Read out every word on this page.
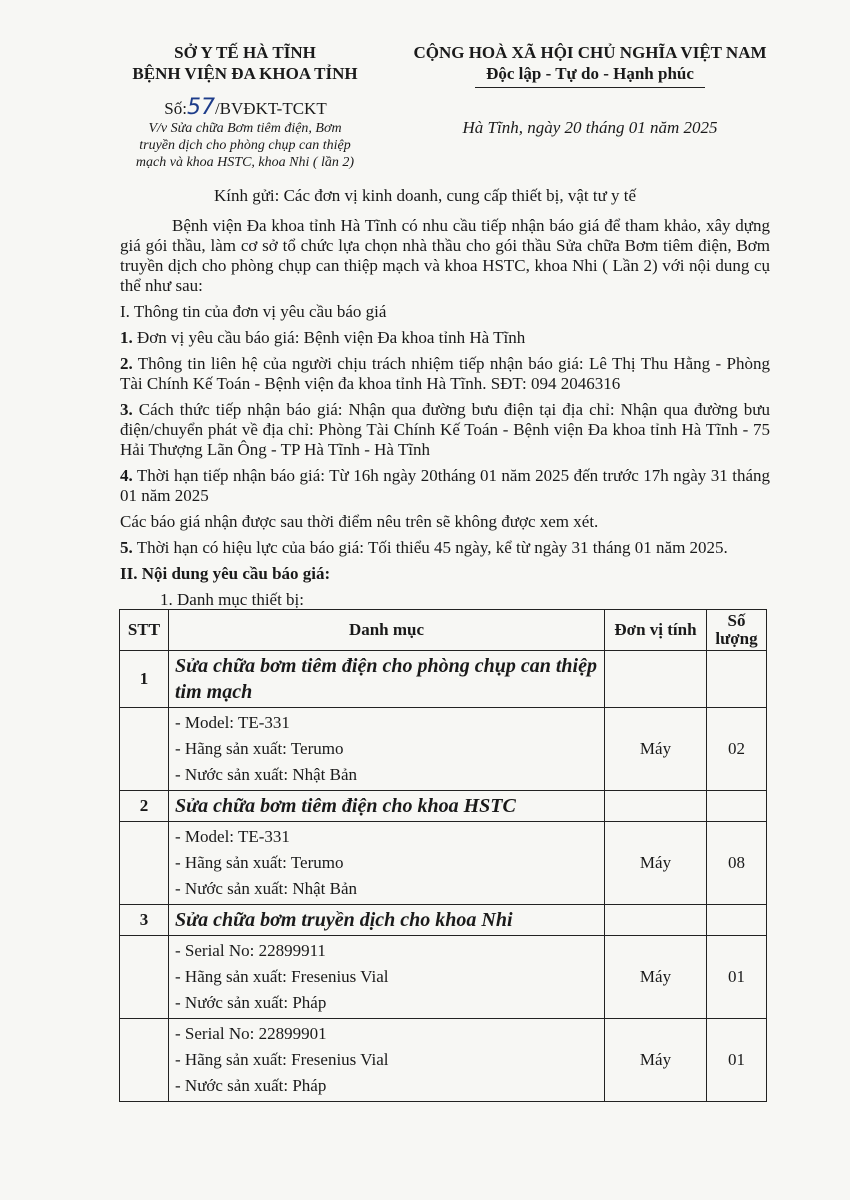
SỞ Y TẾ HÀ TĨNH
BỆNH VIỆN ĐA KHOA TỈNH
CỘNG HOÀ XÃ HỘI CHỦ NGHĨA VIỆT NAM
Độc lập - Tự do - Hạnh phúc
Số:57/BVĐKT-TCKT
V/v Sửa chữa Bơm tiêm điện, Bơm
truyền dịch cho phòng chụp can thiệp
mạch và khoa HSTC, khoa Nhi ( lần 2)
Hà Tĩnh, ngày 20 tháng 01 năm 2025
Kính gửi: Các đơn vị kinh doanh, cung cấp thiết bị, vật tư y tế

Bệnh viện Đa khoa tỉnh Hà Tĩnh có nhu cầu tiếp nhận báo giá để tham khảo, xây dựng giá gói thầu, làm cơ sở tổ chức lựa chọn nhà thầu cho gói thầu Sửa chữa Bơm tiêm điện, Bơm truyền dịch cho phòng chụp can thiệp mạch và khoa HSTC, khoa Nhi ( Lần 2) với nội dung cụ thể như sau:

I. Thông tin của đơn vị yêu cầu báo giá

1. Đơn vị yêu cầu báo giá: Bệnh viện Đa khoa tỉnh Hà Tĩnh

2. Thông tin liên hệ của người chịu trách nhiệm tiếp nhận báo giá: Lê Thị Thu Hằng - Phòng Tài Chính Kế Toán - Bệnh viện đa khoa tỉnh Hà Tĩnh. SĐT: 094 2046316

3. Cách thức tiếp nhận báo giá: Nhận qua đường bưu điện tại địa chỉ: Nhận qua đường bưu điện/chuyển phát về địa chỉ: Phòng Tài Chính Kế Toán - Bệnh viện Đa khoa tỉnh Hà Tĩnh - 75 Hải Thượng Lãn Ông - TP Hà Tĩnh - Hà Tĩnh

4. Thời hạn tiếp nhận báo giá: Từ 16h ngày 20tháng 01 năm 2025 đến trước 17h ngày 31 tháng 01 năm 2025

Các báo giá nhận được sau thời điểm nêu trên sẽ không được xem xét.

5. Thời hạn có hiệu lực của báo giá: Tối thiểu 45 ngày, kể từ ngày 31 tháng 01 năm 2025.

II. Nội dung yêu cầu báo giá:

1. Danh mục thiết bị:

STT	Danh mục	Đơn vị tính	Số lượng
1	Sửa chữa bơm tiêm điện cho phòng chụp can thiệp tim mạch		

	- Model: TE-331
- Hãng sản xuất: Terumo
- Nước sản xuất: Nhật Bản	Máy	02
2	Sửa chữa bơm tiêm điện cho khoa HSTC		

	- Model: TE-331
- Hãng sản xuất: Terumo
- Nước sản xuất: Nhật Bản	Máy	08
3	Sửa chữa bơm truyền dịch cho khoa Nhi		

	- Serial No: 22899911
- Hãng sản xuất: Fresenius Vial
- Nước sản xuất: Pháp	Máy	01

	- Serial No: 22899901
- Hãng sản xuất: Fresenius Vial
- Nước sản xuất: Pháp	Máy	01
